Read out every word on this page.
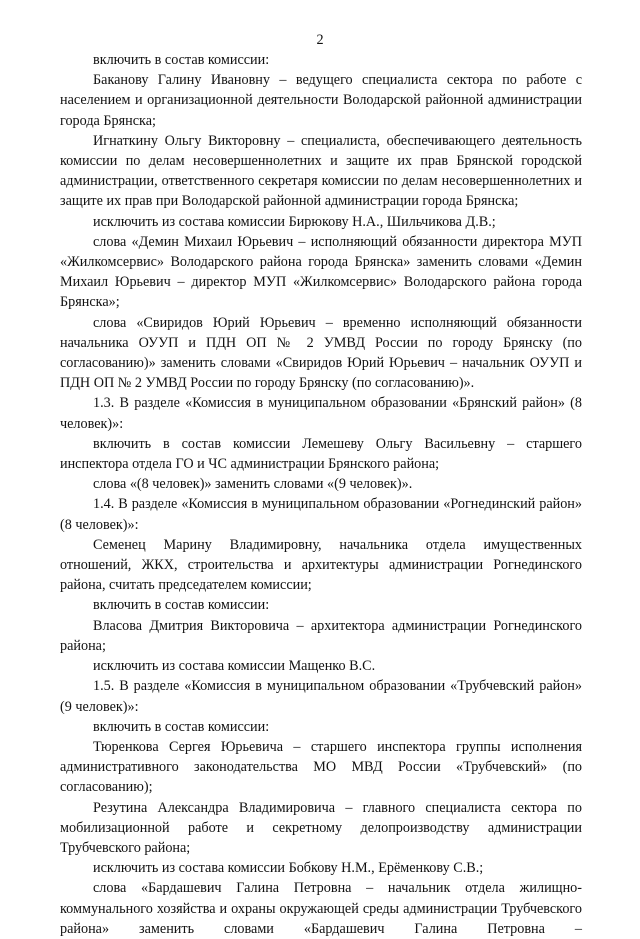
2

включить в состав комиссии:

Баканову Галину Ивановну – ведущего специалиста сектора по работе с населением и организационной деятельности Володарской районной администрации города Брянска;

Игнаткину Ольгу Викторовну – специалиста, обеспечивающего деятельность комиссии по делам несовершеннолетних и защите их прав Брянской городской администрации, ответственного секретаря комиссии по делам несовершеннолетних и защите их прав при Володарской районной администрации города Брянска;

исключить из состава комиссии Бирюкову Н.А., Шильчикова Д.В.;

слова «Демин Михаил Юрьевич – исполняющий обязанности директора МУП «Жилкомсервис» Володарского района города Брянска» заменить словами «Демин Михаил Юрьевич – директор МУП «Жилкомсервис» Володарского района города Брянска»;

слова «Свиридов Юрий Юрьевич – временно исполняющий обязанности начальника ОУУП и ПДН ОП № 2 УМВД России по городу Брянску (по согласованию)» заменить словами «Свиридов Юрий Юрьевич – начальник ОУУП и ПДН ОП № 2 УМВД России по городу Брянску (по согласованию)».

1.3. В разделе «Комиссия в муниципальном образовании «Брянский район» (8 человек)»:

включить в состав комиссии Лемешеву Ольгу Васильевну – старшего инспектора отдела ГО и ЧС администрации Брянского района;

слова «(8 человек)» заменить словами «(9 человек)».

1.4. В разделе «Комиссия в муниципальном образовании «Рогнединский район» (8 человек)»:

Семенец Марину Владимировну, начальника отдела имущественных отношений, ЖКХ, строительства и архитектуры администрации Рогнединского района, считать председателем комиссии;

включить в состав комиссии:

Власова Дмитрия Викторовича – архитектора администрации Рогнединского района;

исключить из состава комиссии Мащенко В.С.

1.5. В разделе «Комиссия в муниципальном образовании «Трубчевский район» (9 человек)»:

включить в состав комиссии:

Тюренкова Сергея Юрьевича – старшего инспектора группы исполнения административного законодательства МО МВД России «Трубчевский» (по согласованию);

Резутина Александра Владимировича – главного специалиста сектора по мобилизационной работе и секретному делопроизводству администрации Трубчевского района;

исключить из состава комиссии Бобкову Н.М., Ерёменкову С.В.;

слова «Бардашевич Галина Петровна – начальник отдела жилищно-коммунального хозяйства и охраны окружающей среды администрации Трубчевского района» заменить словами «Бардашевич Галина Петровна –
